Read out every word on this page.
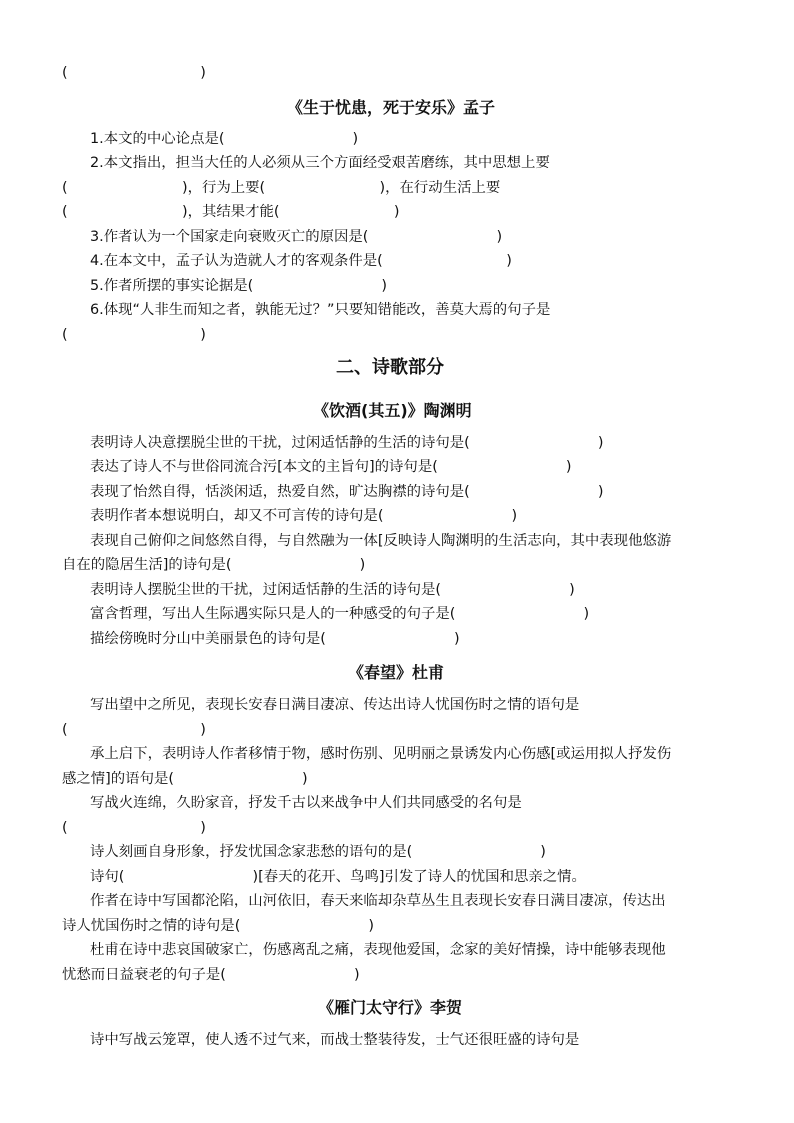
(                             )
《生于忧患，死于安乐》孟子
1.本文的中心论点是(                            )
2.本文指出，担当大任的人必须从三个方面经受艰苦磨练，其中思想上要
(                         )，行为上要(                         )，在行动生活上要
(                         )，其结果才能(                         )
3.作者认为一个国家走向衰败灭亡的原因是(                            )
4.在本文中，孟子认为造就人才的客观条件是(                           )
5.作者所摆的事实论据是(                            )
6.体现“人非生而知之者，孰能无过？”只要知错能改，善莫大焉的句子是
(                             )
二、诗歌部分
《饮酒(其五)》陶渊明
表明诗人决意摆脱尘世的干扰，过闲适恬静的生活的诗句是(                            )
表达了诗人不与世俗同流合污[本文的主旨句]的诗句是(                            )
表现了怡然自得，恬淡闲适，热爱自然，旷达胸襟的诗句是(                            )
表明作者本想说明白，却又不可言传的诗句是(                            )
表现自己俯仰之间悠然自得，与自然融为一体[反映诗人陶渊明的生活志向，其中表现他悠游
自在的隐居生活]的诗句是(                            )
表明诗人摆脱尘世的干扰，过闲适恬静的生活的诗句是(                            )
富含哲理，写出人生际遇实际只是人的一种感受的句子是(                            )
描绘傍晚时分山中美丽景色的诗句是(                            )
《春望》杜甫
写出望中之所见，表现长安春日满目凄凉、传达出诗人忧国伤时之情的语句是
(                             )
承上启下，表明诗人作者移情于物，感时伤别、见明丽之景诱发内心伤感[或运用拟人抒发伤
感之情]的语句是(                            )
写战火连绵，久盼家音，抒发千古以来战争中人们共同感受的名句是
(                             )
诗人刻画自身形象，抒发忧国念家悲愁的语句的是(                            )
诗句(                            )[春天的花开、鸟鸣]引发了诗人的忧国和思亲之情。
作者在诗中写国都沦陷，山河依旧，春天来临却杂草丛生且表现长安春日满目凄凉，传达出
诗人忧国伤时之情的诗句是(                            )
杜甫在诗中悲哀国破家亡，伤感离乱之痛，表现他爱国，念家的美好情操，诗中能够表现他
忧愁而日益衰老的句子是(                            )
《雁门太守行》李贺
诗中写战云笼罩，使人透不过气来，而战士整装待发，士气还很旺盛的诗句是
